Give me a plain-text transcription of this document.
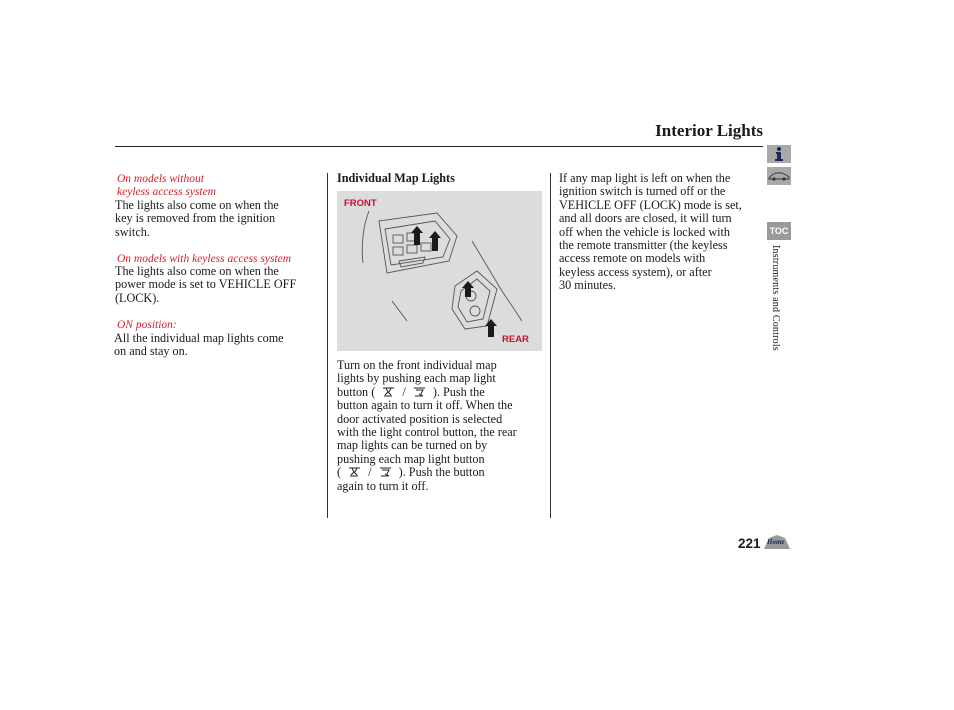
Interior Lights
On models without
keyless access system
The lights also come on when the
key is removed from the ignition
switch.
On models with keyless access system
The lights also come on when the
power mode is set to VEHICLE OFF
(LOCK).
ON position:
All the individual map lights come
on and stay on.
Individual Map Lights
FRONT
REAR
Turn on the front individual map
lights by pushing each map light
button ( / ). Push the
button again to turn it off. When the
door activated position is selected
with the light control button, the rear
map lights can be turned on by
pushing each map light button
( / ). Push the button
again to turn it off.
If any map light is left on when the
ignition switch is turned off or the
VEHICLE OFF (LOCK) mode is set,
and all doors are closed, it will turn
off when the vehicle is locked with
the remote transmitter (the keyless
access remote on models with
keyless access system), or after
30 minutes.
TOC
Instruments and Controls
221 Home
